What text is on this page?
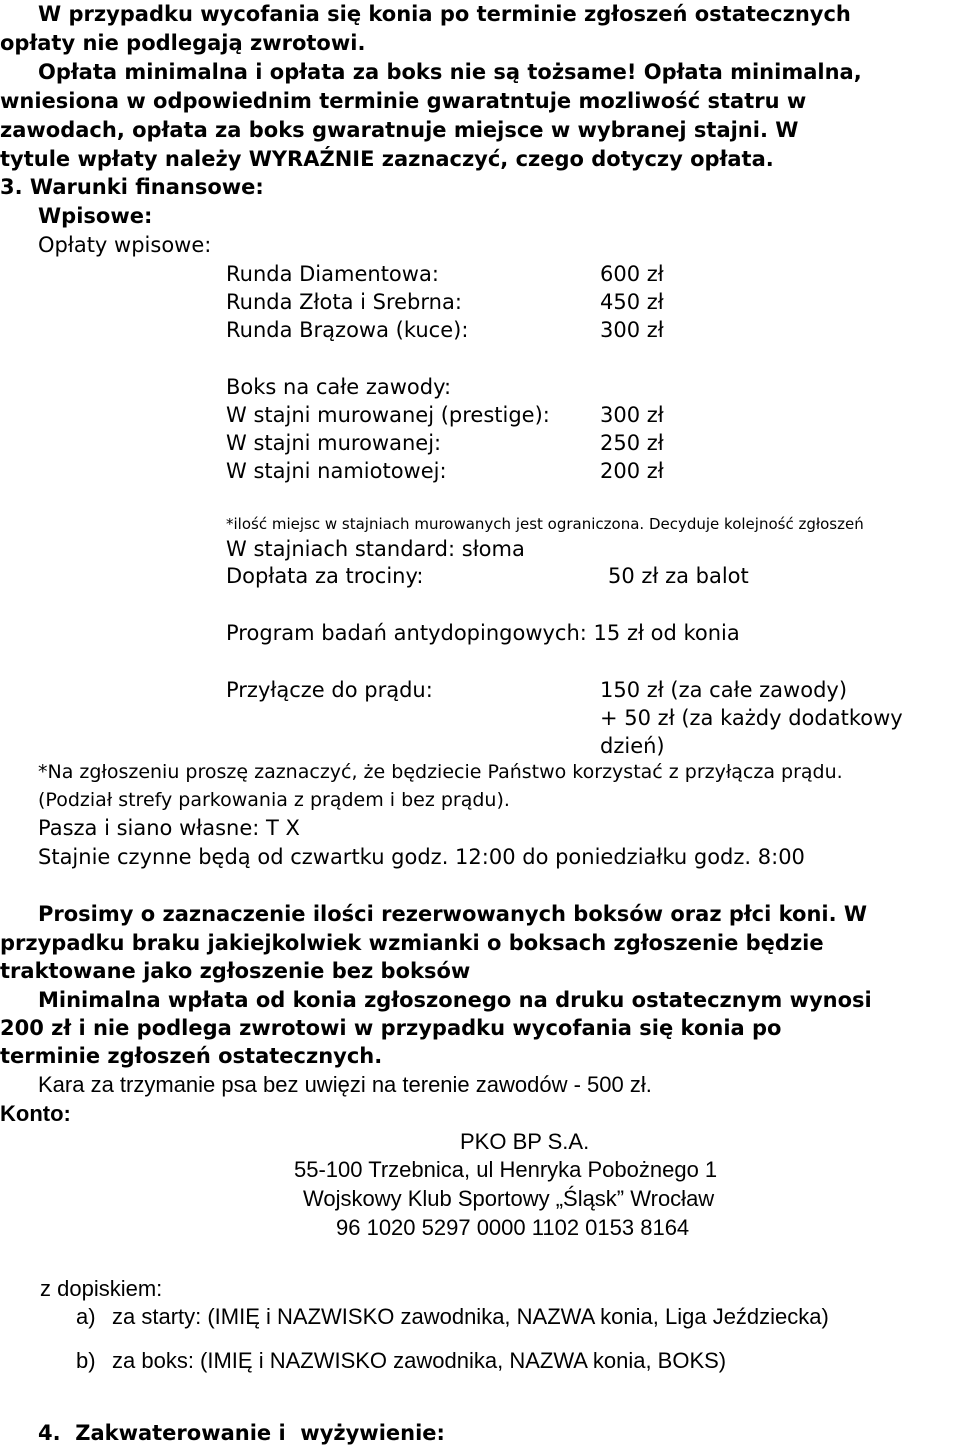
W przypadku wycofania się konia po terminie zgłoszeń ostatecznych
opłaty nie podlegają zwrotowi.
Opłata minimalna i opłata za boks nie są tożsame! Opłata minimalna,
wniesiona w odpowiednim terminie gwaratntuje mozliwość statru w
zawodach, opłata za boks gwaratnuje miejsce w wybranej stajni. W
tytule wpłaty należy WYRAŹNIE zaznaczyć, czego dotyczy opłata.
3. Warunki finansowe:
Wpisowe:
Opłaty wpisowe:
Runda Diamentowa:	600 zł
Runda Złota i Srebrna:	450 zł
Runda Brązowa (kuce):	300 zł
Boks na całe zawody:
W stajni murowanej (prestige): 300 zł
W stajni murowanej:	250 zł
W stajni namiotowej:	200 zł
*ilość miejsc w stajniach murowanych jest ograniczona. Decyduje kolejność zgłoszeń
W stajniach standard: słoma
Dopłata za trociny:	50 zł za balot
Program badań antydopingowych: 15 zł od konia
Przyłącze do prądu:	150 zł (za całe zawody)
+ 50 zł (za każdy dodatkowy
dzień)
*Na zgłoszeniu proszę zaznaczyć, że będziecie Państwo korzystać z przyłącza prądu.
(Podział strefy parkowania z prądem i bez prądu).
Pasza i siano własne: T X
Stajnie czynne będą od czwartku godz. 12:00 do poniedziałku godz. 8:00
Prosimy o zaznaczenie ilości rezerwowanych boksów oraz płci koni. W
przypadku braku jakiejkolwiek wzmianki o boksach zgłoszenie będzie
traktowane jako zgłoszenie bez boksów
Minimalna wpłata od konia zgłoszonego na druku ostatecznym wynosi
200 zł i nie podlega zwrotowi w przypadku wycofania się konia po
terminie zgłoszeń ostatecznych.
Kara za trzymanie psa bez uwięzi na terenie zawodów - 500 zł.
Konto:
PKO BP S.A.
55-100 Trzebnica, ul Henryka Pobożnego 1
Wojskowy Klub Sportowy „Śląsk” Wrocław
96 1020 5297 0000 1102 0153 8164
z dopiskiem:
a) za starty: (IMIĘ i NAZWISKO zawodnika, NAZWA konia, Liga Jeździecka)
b) za boks: (IMIĘ i NAZWISKO zawodnika, NAZWA konia, BOKS)
4.  Zakwaterowanie i  wyżywienie:
